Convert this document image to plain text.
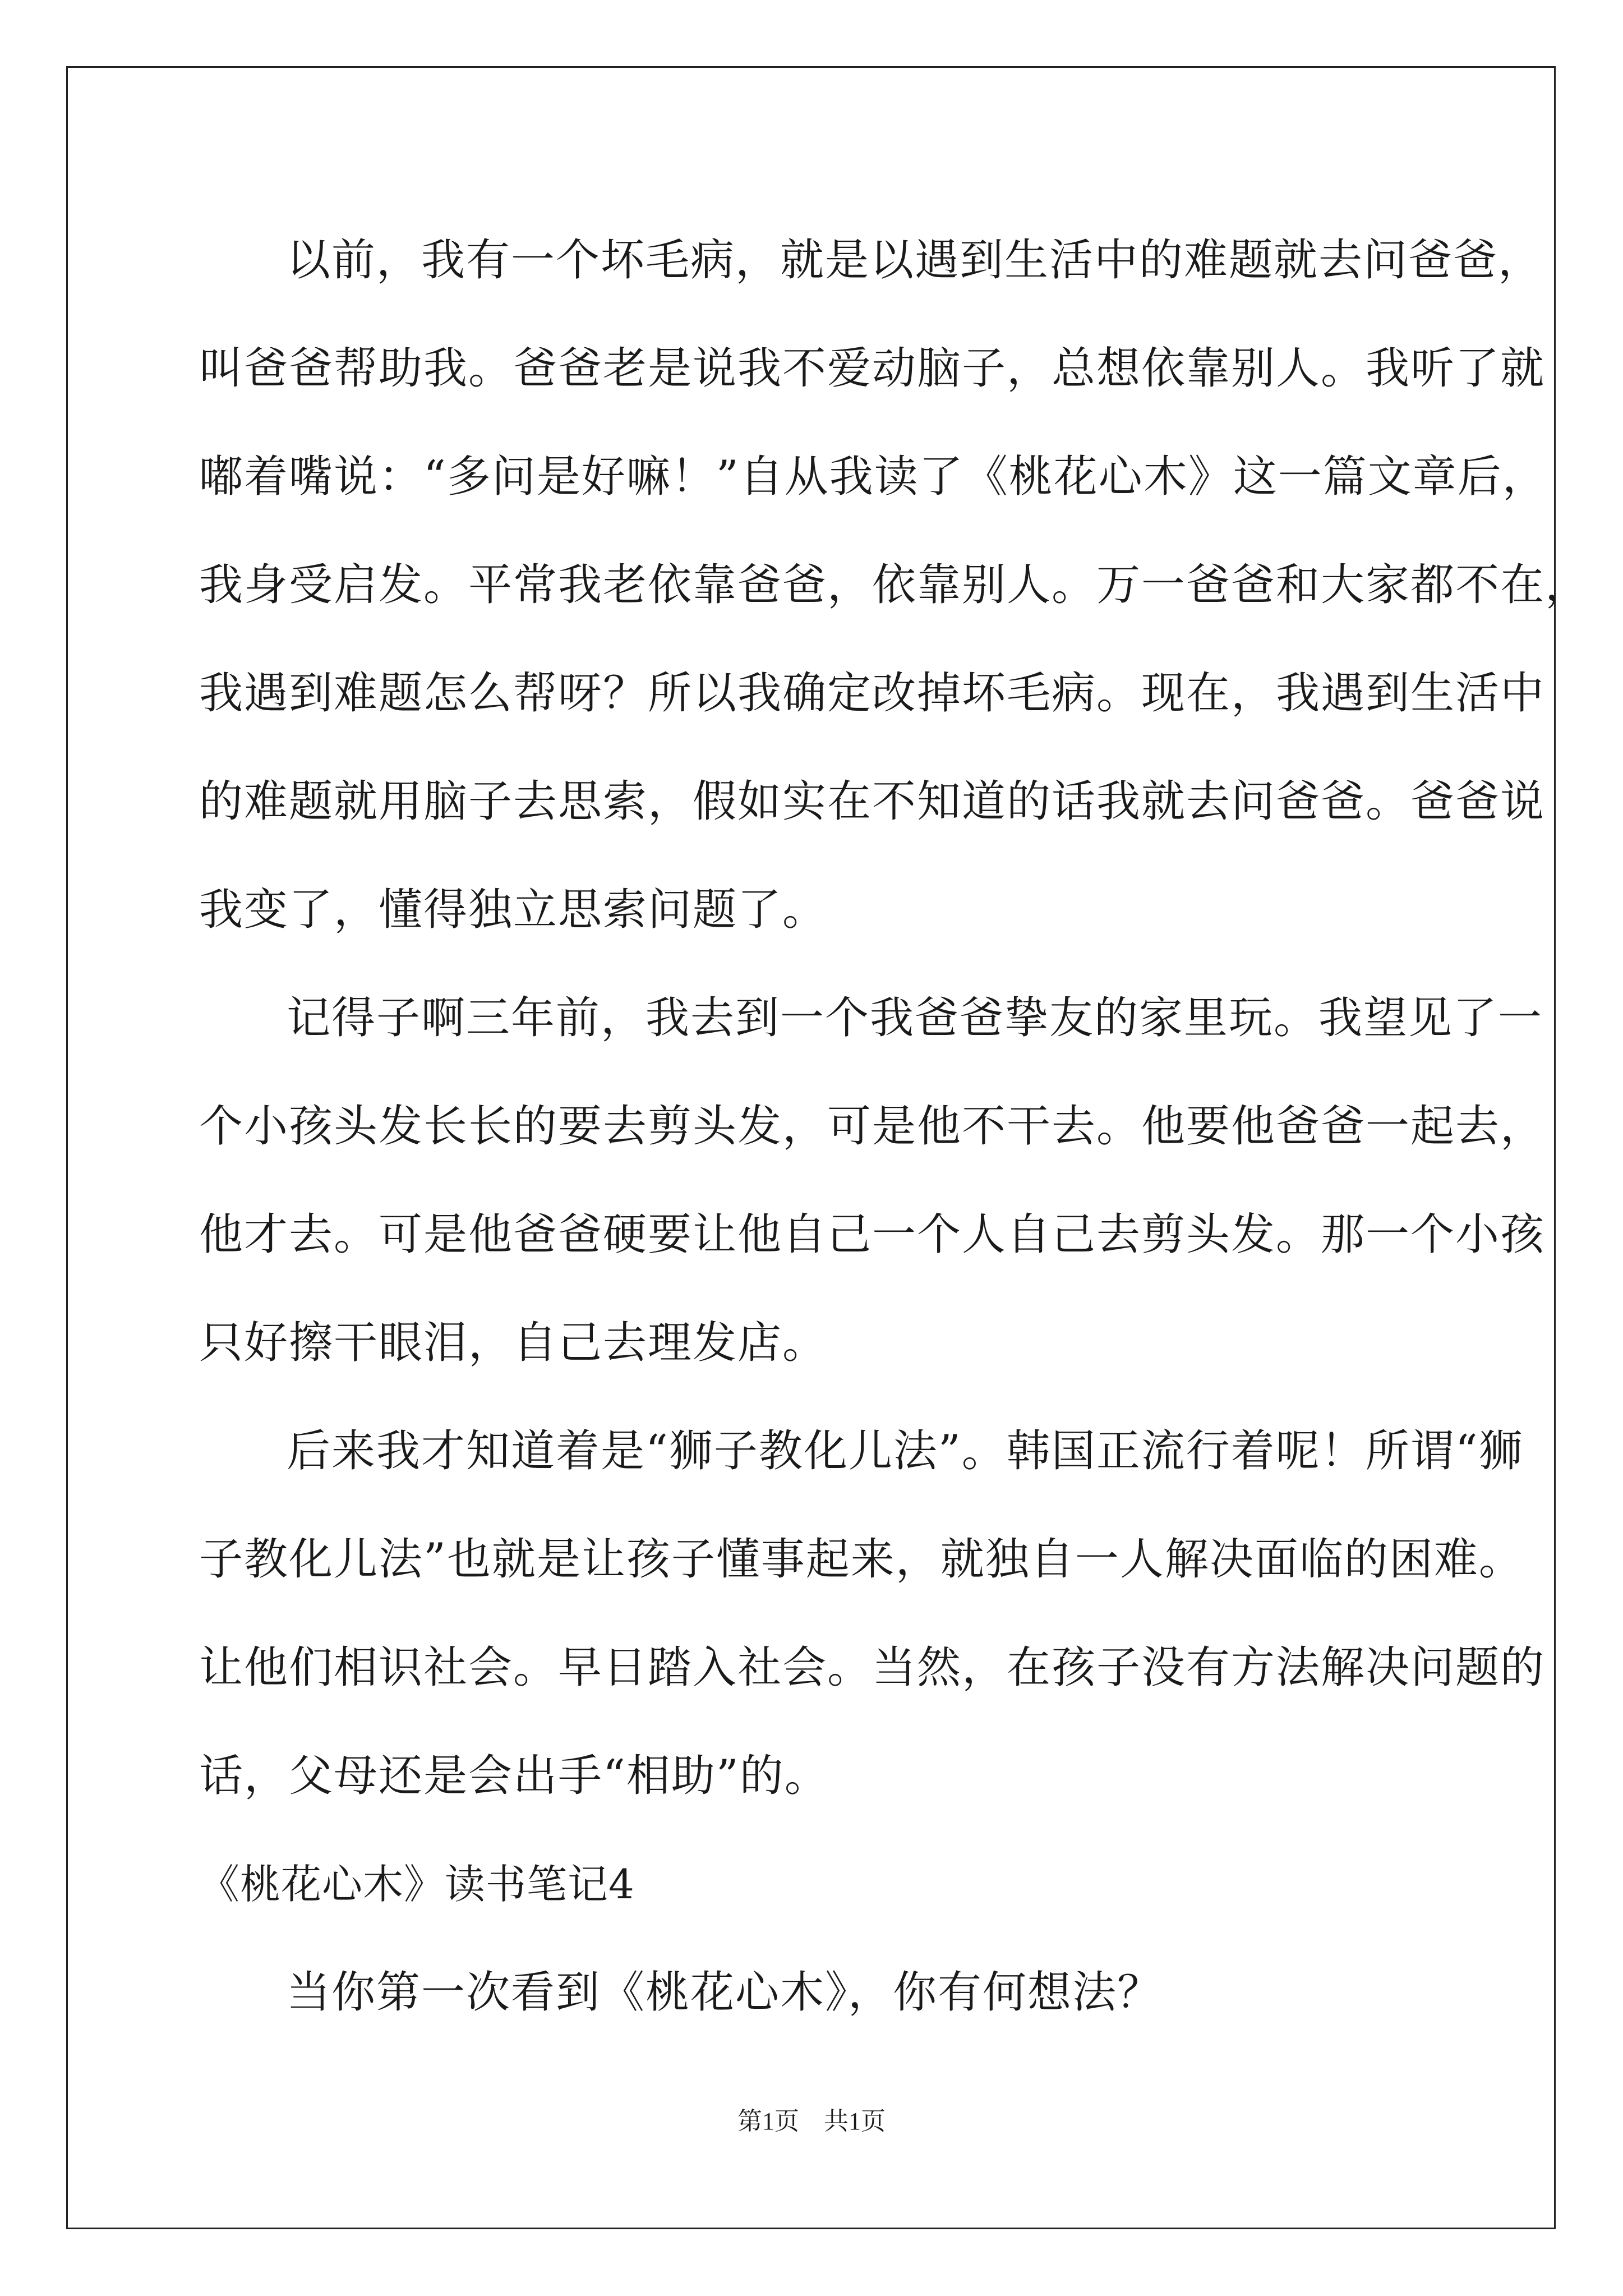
以前，我有一个坏毛病，就是以遇到生活中的难题就去问爸爸，
叫爸爸帮助我。爸爸老是说我不爱动脑子，总想依靠别人。我听了就
嘟着嘴说：“多问是好嘛！”自从我读了《桃花心木》这一篇文章后，
我身受启发。平常我老依靠爸爸，依靠别人。万一爸爸和大家都不在，
我遇到难题怎么帮呀？所以我确定改掉坏毛病。现在，我遇到生活中
的难题就用脑子去思索，假如实在不知道的话我就去问爸爸。爸爸说
我变了，懂得独立思索问题了。
记得子啊三年前，我去到一个我爸爸挚友的家里玩。我望见了一
个小孩头发长长的要去剪头发，可是他不干去。他要他爸爸一起去，
他才去。可是他爸爸硬要让他自己一个人自己去剪头发。那一个小孩
只好擦干眼泪，自己去理发店。
后来我才知道着是“狮子教化儿法”。韩国正流行着呢！所谓“狮
子教化儿法”也就是让孩子懂事起来，就独自一人解决面临的困难。
让他们相识社会。早日踏入社会。当然，在孩子没有方法解决问题的
话，父母还是会出手“相助”的。
《桃花心木》读书笔记4
当你第一次看到《桃花心木》，你有何想法？
第1页　共1页
